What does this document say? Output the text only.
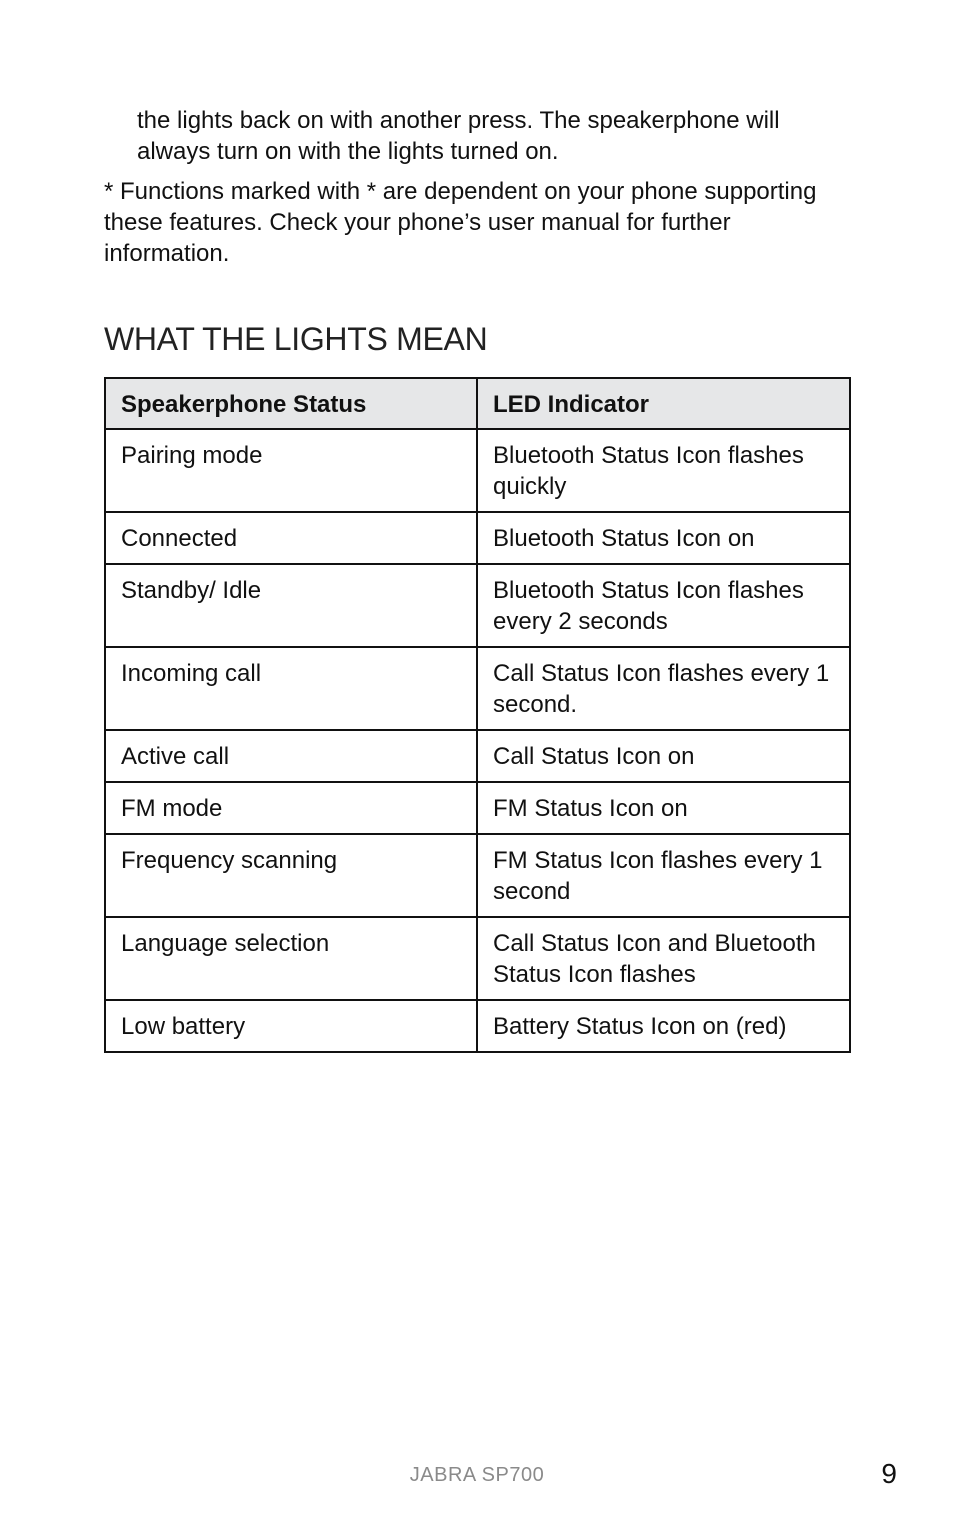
the lights back on with another press. The speakerphone will always turn on with the lights turned on.

* Functions marked with * are dependent on your phone supporting these features. Check your phone’s user manual for further information.

WHAT THE LIGHTS MEAN
Speakerphone Status	LED Indicator
Pairing mode	Bluetooth Status Icon flashes quickly
Connected	Bluetooth Status Icon on
Standby/ Idle	Bluetooth Status Icon flashes every 2 seconds
Incoming call	Call Status Icon flashes every 1 second.
Active call	Call Status Icon on
FM mode	FM Status Icon on
Frequency scanning	FM Status Icon flashes every 1 second
Language selection	Call Status Icon and Bluetooth Status Icon flashes
Low battery	Battery Status Icon on (red)
JABRA SP700	9
